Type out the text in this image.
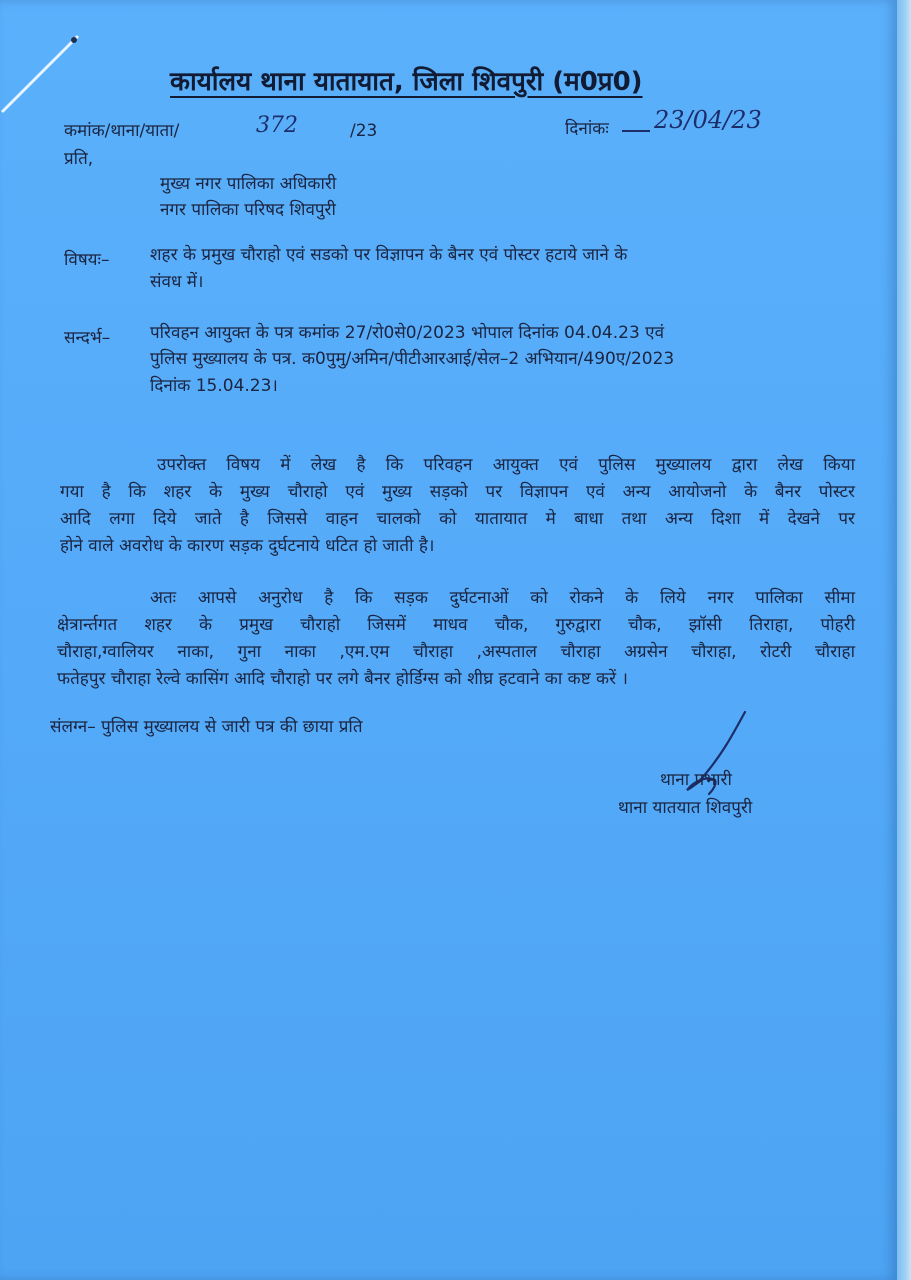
कार्यालय थाना यातायात, जिला शिवपुरी (म0प्र0)
कमांक/थाना/याता/	372	/23	दिनांकः 23/04/23
प्रति,
मुख्य नगर पालिका अधिकारी
नगर पालिका परिषद शिवपुरी
विषयः– शहर के प्रमुख चौराहो एवं सडको पर विज्ञापन के बैनर एवं पोस्टर हटाये जाने के
संवध में।
सन्दर्भ– परिवहन आयुक्त के पत्र कमांक 27/रो0से0/2023 भोपाल दिनांक 04.04.23 एवं
पुलिस मुख्यालय के पत्र. क0पुमु/अमिन/पीटीआरआई/सेल–2 अभियान/490ए/2023
दिनांक 15.04.23।
उपरोक्त विषय में लेख है कि परिवहन आयुक्त एवं पुलिस मुख्यालय द्वारा लेख किया
गया है कि शहर के मुख्य चौराहो एवं मुख्य सड़को पर विज्ञापन एवं अन्य आयोजनो के बैनर पोस्टर
आदि लगा दिये जाते है जिससे वाहन चालको को यातायात मे बाधा तथा अन्य दिशा में देखने पर
होने वाले अवरोध के कारण सड़क दुर्घटनाये धटित हो जाती है।
अतः आपसे अनुरोध है कि सड़क दुर्घटनाओं को रोकने के लिये नगर पालिका सीमा
क्षेत्रार्न्तगत शहर के प्रमुख चौराहो जिसमें माधव चौक, गुरुद्वारा चौक, झॉसी तिराहा, पोहरी
चौराहा,ग्वालियर नाका, गुना नाका ,एम.एम चौराहा ,अस्पताल चौराहा अग्रसेन चौराहा, रोटरी चौराहा
फतेहपुर चौराहा रेल्वे कासिंग आदि चौराहो पर लगे बैनर होर्डिग्स को शीघ्र हटवाने का कष्ट करें ।
संलग्न– पुलिस मुख्यालय से जारी पत्र की छाया प्रति
थाना प्रभारी
थाना यातयात शिवपुरी
